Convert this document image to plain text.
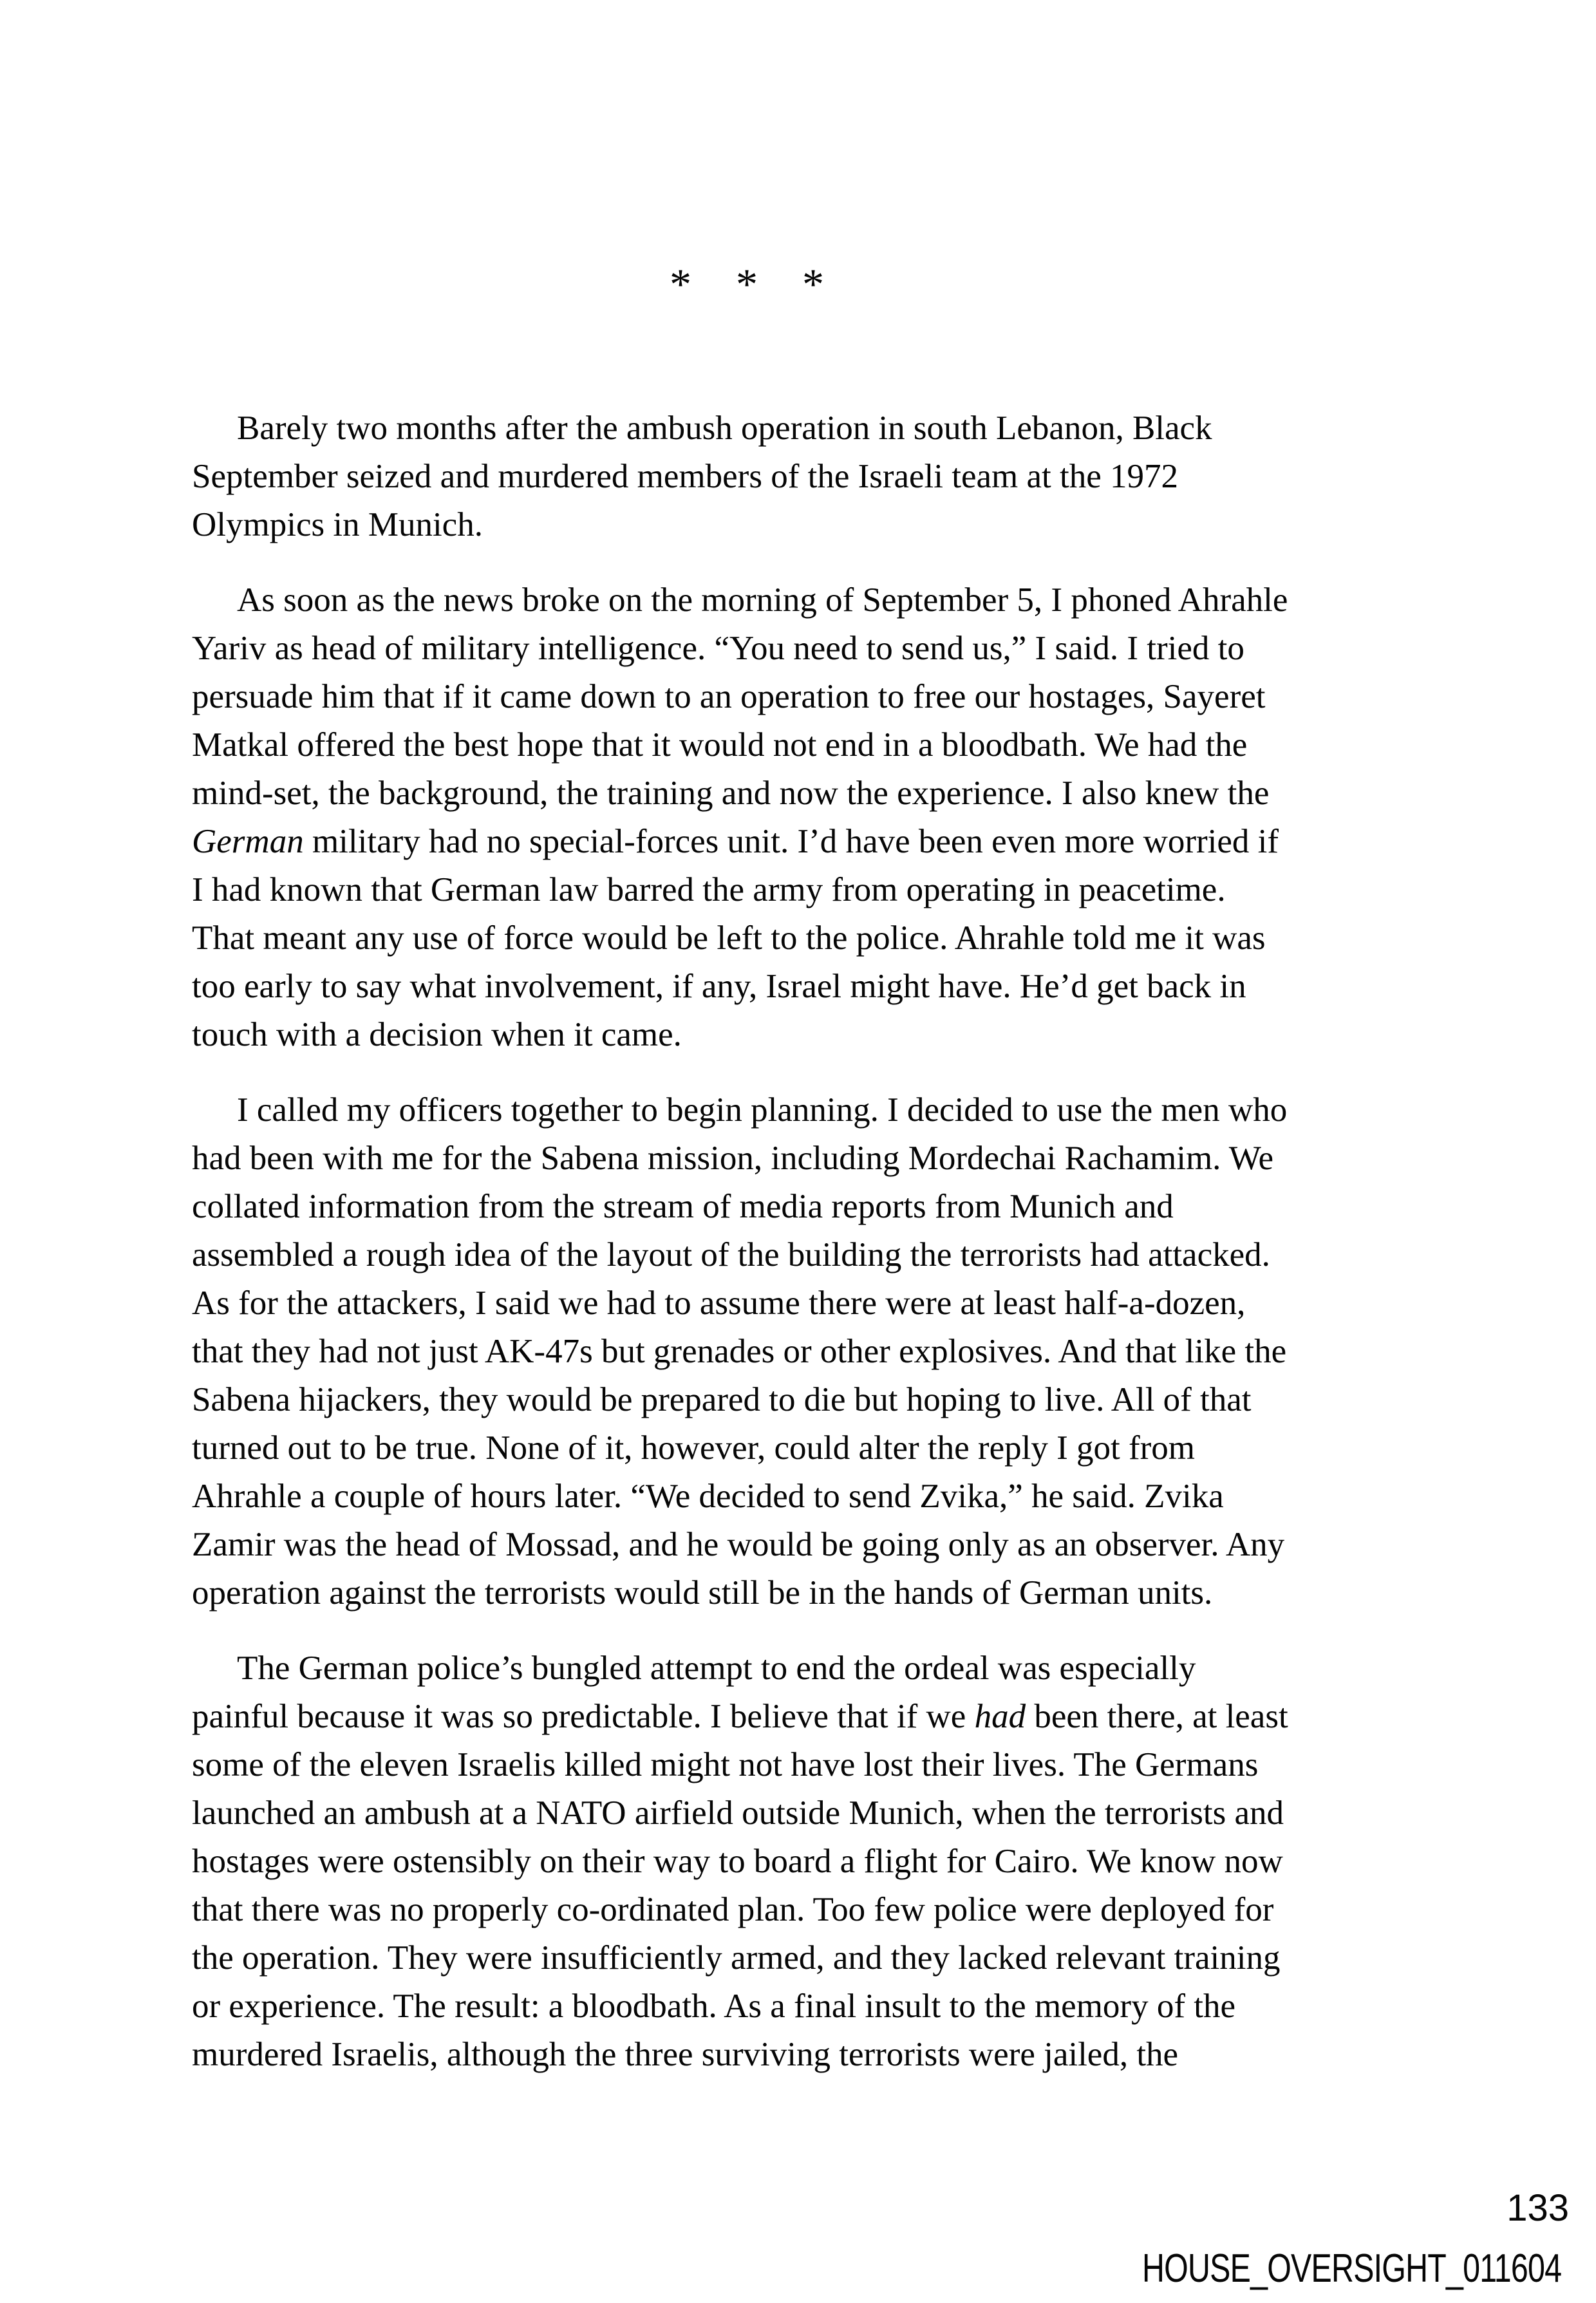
* * *

Barely two months after the ambush operation in south Lebanon, Black
September seized and murdered members of the Israeli team at the 1972
Olympics in Munich.

As soon as the news broke on the morning of September 5, I phoned Ahrahle
Yariv as head of military intelligence. “You need to send us,” I said. I tried to
persuade him that if it came down to an operation to free our hostages, Sayeret
Matkal offered the best hope that it would not end in a bloodbath. We had the
mind-set, the background, the training and now the experience. I also knew the
German military had no special-forces unit. I’d have been even more worried if
I had known that German law barred the army from operating in peacetime.
That meant any use of force would be left to the police. Ahrahle told me it was
too early to say what involvement, if any, Israel might have. He’d get back in
touch with a decision when it came.

I called my officers together to begin planning. I decided to use the men who
had been with me for the Sabena mission, including Mordechai Rachamim. We
collated information from the stream of media reports from Munich and
assembled a rough idea of the layout of the building the terrorists had attacked.
As for the attackers, I said we had to assume there were at least half-a-dozen,
that they had not just AK-47s but grenades or other explosives. And that like the
Sabena hijackers, they would be prepared to die but hoping to live. All of that
turned out to be true. None of it, however, could alter the reply I got from
Ahrahle a couple of hours later. “We decided to send Zvika,” he said. Zvika
Zamir was the head of Mossad, and he would be going only as an observer. Any
operation against the terrorists would still be in the hands of German units.

The German police’s bungled attempt to end the ordeal was especially
painful because it was so predictable. I believe that if we had been there, at least
some of the eleven Israelis killed might not have lost their lives. The Germans
launched an ambush at a NATO airfield outside Munich, when the terrorists and
hostages were ostensibly on their way to board a flight for Cairo. We know now
that there was no properly co-ordinated plan. Too few police were deployed for
the operation. They were insufficiently armed, and they lacked relevant training
or experience. The result: a bloodbath. As a final insult to the memory of the
murdered Israelis, although the three surviving terrorists were jailed, the

133
HOUSE_OVERSIGHT_011604
